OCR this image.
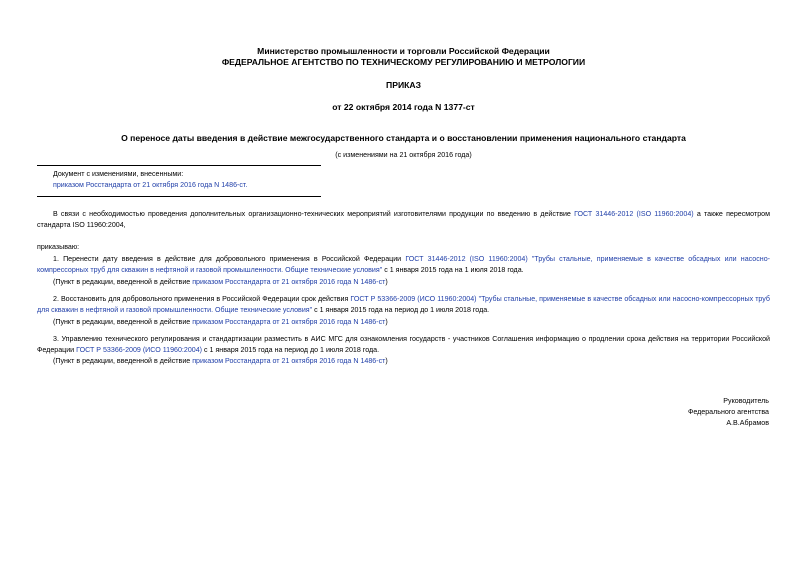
Министерство промышленности и торговли Российской Федерации
ФЕДЕРАЛЬНОЕ АГЕНТСТВО ПО ТЕХНИЧЕСКОМУ РЕГУЛИРОВАНИЮ И МЕТРОЛОГИИ
ПРИКАЗ
от 22 октября 2014 года N 1377-ст
О переносе даты введения в действие межгосударственного стандарта и о восстановлении применения национального стандарта
(с изменениями на 21 октября 2016 года)
Документ с изменениями, внесенными:
приказом Росстандарта от 21 октября 2016 года N 1486-ст.
В связи с необходимостью проведения дополнительных организационно-технических мероприятий изготовителями продукции по введению в действие ГОСТ 31446-2012 (ISO 11960:2004) а также пересмотром стандарта ISO 11960:2004,
приказываю:
1. Перенести дату введения в действие для добровольного применения в Российской Федерации ГОСТ 31446-2012 (ISO 11960:2004) "Трубы стальные, применяемые в качестве обсадных или насосно-компрессорных труб для скважин в нефтяной и газовой промышленности. Общие технические условия" с 1 января 2015 года на 1 июля 2018 года.
(Пункт в редакции, введенной в действие приказом Росстандарта от 21 октября 2016 года N 1486-ст)
2. Восстановить для добровольного применения в Российской Федерации срок действия ГОСТ Р 53366-2009 (ИСО 11960:2004) "Трубы стальные, применяемые в качестве обсадных или насосно-компрессорных труб для скважин в нефтяной и газовой промышленности. Общие технические условия" с 1 января 2015 года на период до 1 июля 2018 года.
(Пункт в редакции, введенной в действие приказом Росстандарта от 21 октября 2016 года N 1486-ст)
3. Управлению технического регулирования и стандартизации разместить в АИС МГС для ознакомления государств - участников Соглашения информацию о продлении срока действия на территории Российской Федерации ГОСТ Р 53366-2009 (ИСО 11960:2004) с 1 января 2015 года на период до 1 июля 2018 года.
(Пункт в редакции, введенной в действие приказом Росстандарта от 21 октября 2016 года N 1486-ст)
Руководитель
Федерального агентства
А.В.Абрамов
